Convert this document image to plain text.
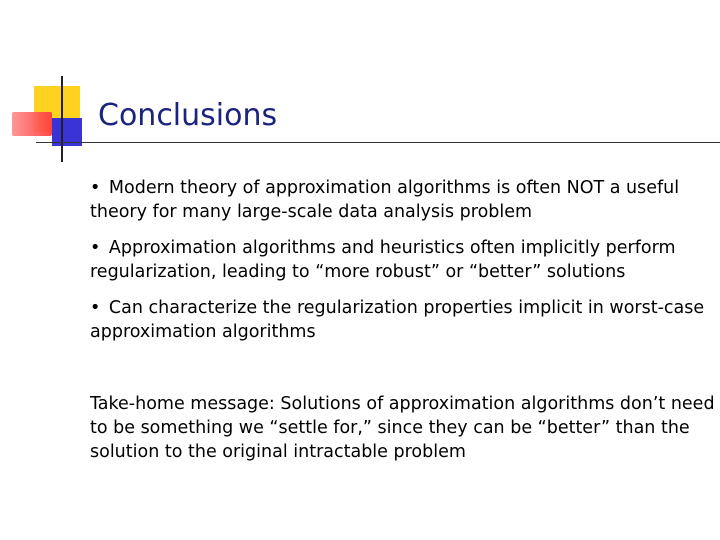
Conclusions

• Modern theory of approximation algorithms is often NOT a useful theory for many large-scale data analysis problem

• Approximation algorithms and heuristics often implicitly perform regularization, leading to “more robust” or “better” solutions

• Can characterize the regularization properties implicit in worst-case approximation algorithms

Take-home message: Solutions of approximation algorithms don’t need to be something we “settle for,” since they can be “better” than the solution to the original intractable problem
